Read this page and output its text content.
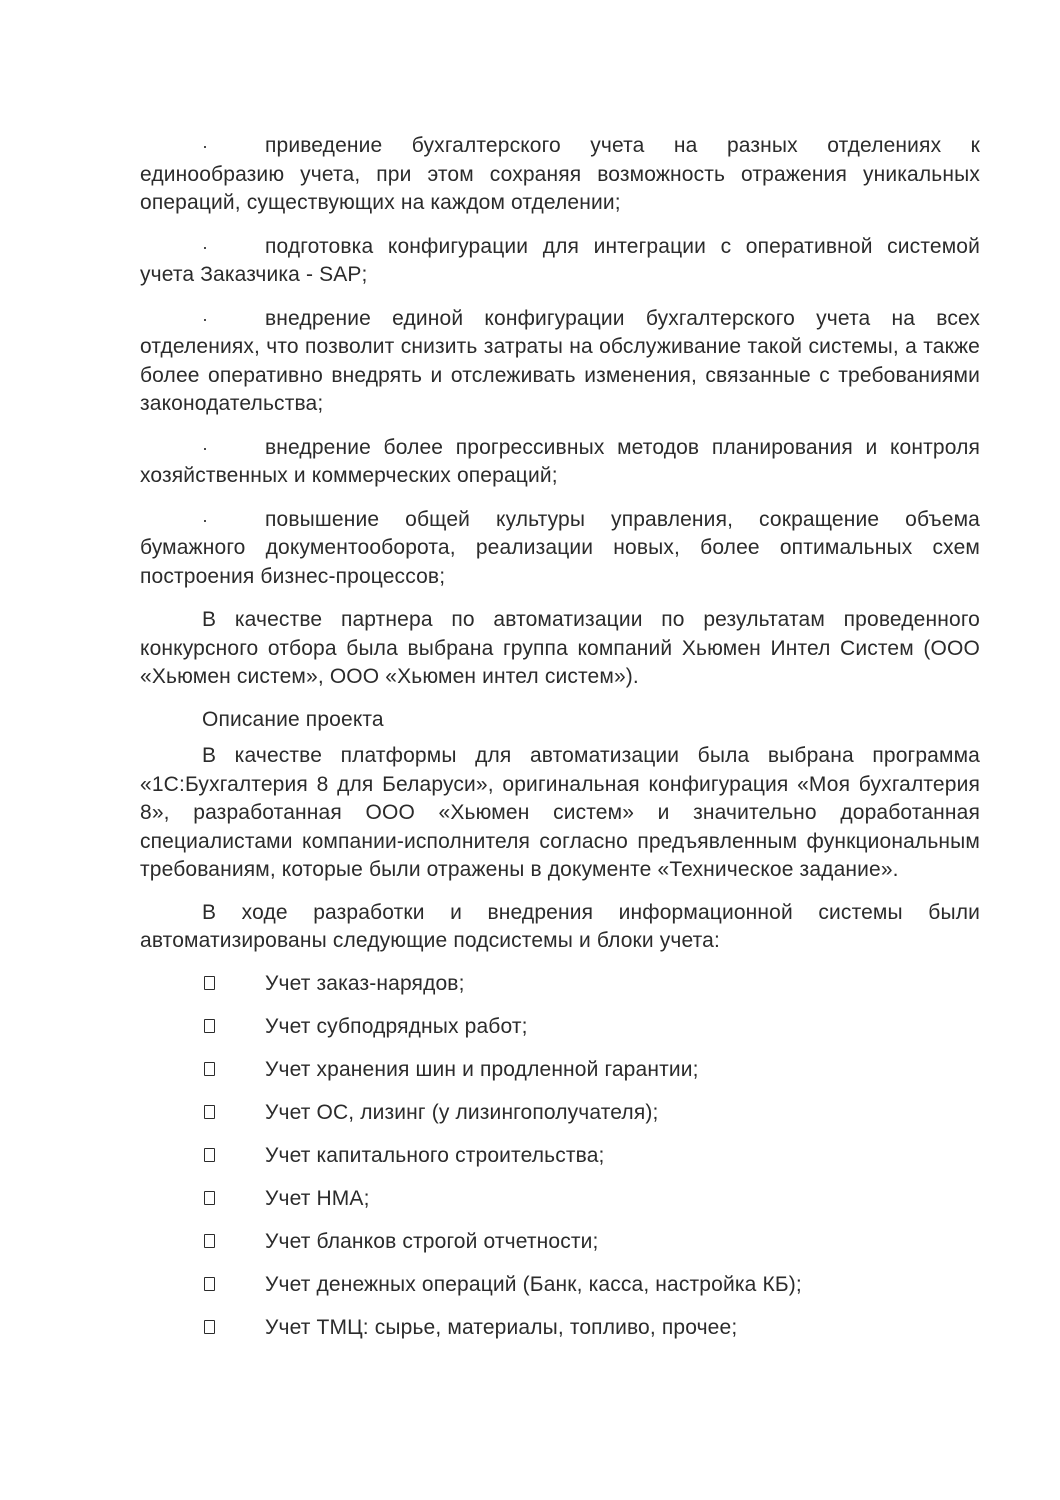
·	приведение бухгалтерского учета на разных отделениях к единообразию учета, при этом сохраняя возможность отражения уникальных операций, существующих на каждом отделении;
·	подготовка конфигурации для интеграции с оперативной системой учета Заказчика - SAP;
·	внедрение единой конфигурации бухгалтерского учета на всех отделениях, что позволит снизить затраты на обслуживание такой системы, а также более оперативно внедрять и отслеживать изменения, связанные с требованиями законодательства;
·	внедрение более прогрессивных методов планирования и контроля хозяйственных и коммерческих операций;
·	повышение общей культуры управления, сокращение объема бумажного документооборота, реализации новых, более оптимальных схем построения бизнес-процессов;

В качестве партнера по автоматизации по результатам проведенного конкурсного отбора была выбрана группа компаний Хьюмен Интел Систем (ООО «Хьюмен систем», ООО «Хьюмен интел систем»).

Описание проекта

В качестве платформы для автоматизации была выбрана программа «1С:Бухгалтерия 8 для Беларуси», оригинальная конфигурация «Моя бухгалтерия 8», разработанная ООО «Хьюмен систем» и значительно доработанная специалистами компании-исполнителя согласно предъявленным функциональным требованиям, которые были отражены в документе «Техническое задание».

В ходе разработки и внедрения информационной системы были автоматизированы следующие подсистемы и блоки учета:

Учет заказ-нарядов;
Учет субподрядных работ;
Учет хранения шин и продленной гарантии;
Учет ОС, лизинг (у лизингополучателя);
Учет капитального строительства;
Учет НМА;
Учет бланков строгой отчетности;
Учет денежных операций (Банк, касса, настройка КБ);
Учет ТМЦ: сырье, материалы, топливо, прочее;
